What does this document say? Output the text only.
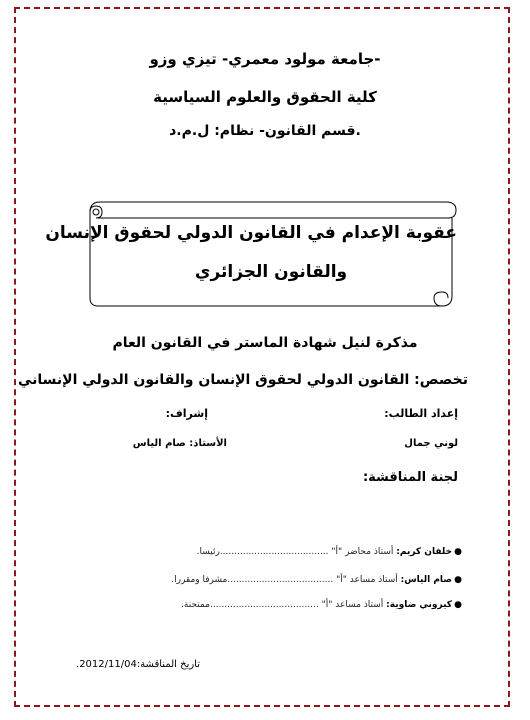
جامعة مولود معمري- تيزي وزو-
كلية الحقوق والعلوم السياسية
قسم القانون- نظام: ل.م.د.
عقوبة الإعدام في القانون الدولي لحقوق الإنسان
والقانون الجزائري
مذكرة لنيل شهادة الماستر في القانون العام
تخصص: القانون الدولي لحقوق الإنسان والقانون الدولي الإنساني
إعداد الطالب:
إشراف:
لوني جمال
الأستاذ: صام الياس
لجنة المناقشة:
●
خلفان كريم: أستاذ محاضر "أ" ......................................رئيسا.
●
صام الياس: أستاذ مساعد "أ" .....................................مشرفا ومقررا.
●
كيروني ضاوية: أستاذ مساعد "أ" ......................................ممتحنة.
تاريخ المناقشة:2012/11/04.
